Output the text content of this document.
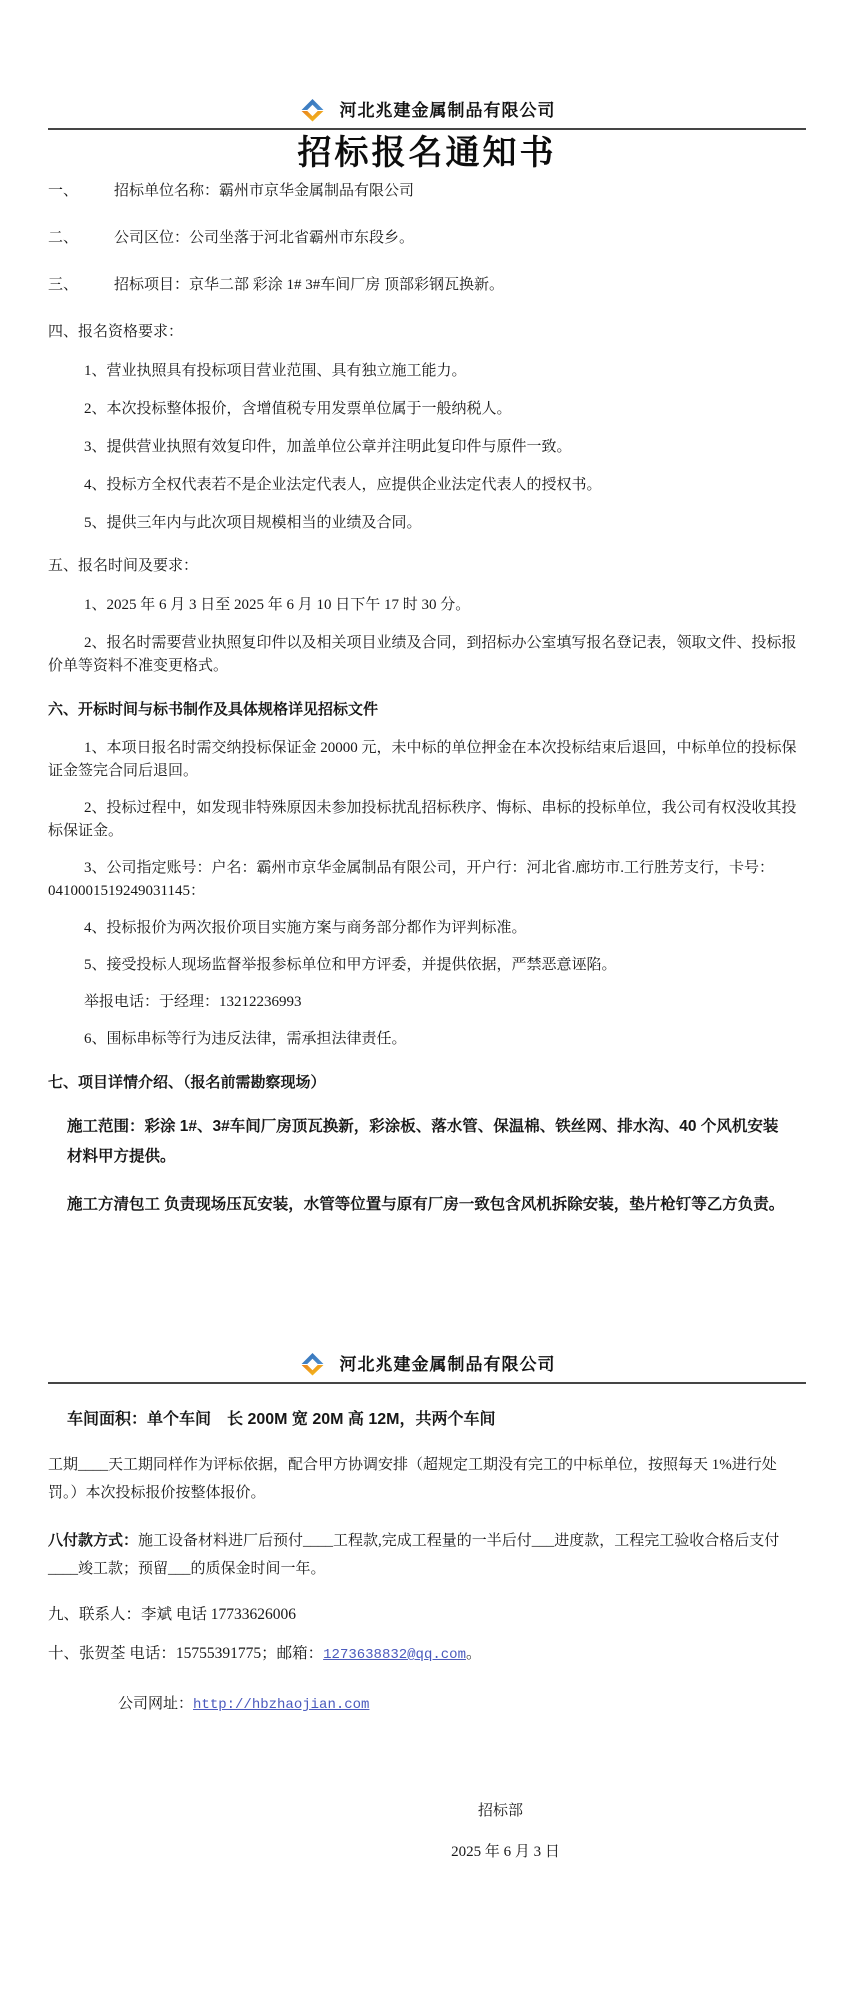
河北兆建金属制品有限公司
招标报名通知书

一、 招标单位名称：霸州市京华金属制品有限公司

二、 公司区位：公司坐落于河北省霸州市东段乡。

三、 招标项目：京华二部 彩涂 1# 3#车间厂房 顶部彩钢瓦换新。

四、报名资格要求：

1、营业执照具有投标项目营业范围、具有独立施工能力。

2、本次投标整体报价，含增值税专用发票单位属于一般纳税人。

3、提供营业执照有效复印件，加盖单位公章并注明此复印件与原件一致。

4、投标方全权代表若不是企业法定代表人，应提供企业法定代表人的授权书。

5、提供三年内与此次项目规模相当的业绩及合同。

五、报名时间及要求：

1、2025 年 6 月 3 日至 2025 年 6 月 10 日下午 17 时 30 分。

2、报名时需要营业执照复印件以及相关项目业绩及合同，到招标办公室填写报名登记表，领取文件、投标报价单等资料不准变更格式。

六、开标时间与标书制作及具体规格详见招标文件

1、本项日报名时需交纳投标保证金 20000 元，未中标的单位押金在本次投标结束后退回，中标单位的投标保证金签完合同后退回。

2、投标过程中，如发现非特殊原因未参加投标扰乱招标秩序、悔标、串标的投标单位，我公司有权没收其投标保证金。

3、公司指定账号：户名：霸州市京华金属制品有限公司，开户行：河北省.廊坊市.工行胜芳支行，卡号：0410001519249031145：

4、投标报价为两次报价项目实施方案与商务部分都作为评判标准。

5、接受投标人现场监督举报参标单位和甲方评委，并提供依据，严禁恶意诬陷。

举报电话：于经理：13212236993

6、围标串标等行为违反法律，需承担法律责任。

七、项目详情介绍、（报名前需勘察现场）

施工范围：彩涂 1#、3#车间厂房顶瓦换新，彩涂板、落水管、保温棉、铁丝网、排水沟、40 个风机安装　材料甲方提供。

施工方清包工 负责现场压瓦安装，水管等位置与原有厂房一致包含风机拆除安装，垫片枪钉等乙方负责。

河北兆建金属制品有限公司

车间面积：单个车间　长 200M 宽 20M 高 12M，共两个车间

工期____天工期同样作为评标依据，配合甲方协调安排（超规定工期没有完工的中标单位，按照每天 1%进行处罚。）本次投标报价按整体报价。

八付款方式：施工设备材料进厂后预付____工程款,完成工程量的一半后付___进度款，工程完工验收合格后支付____竣工款；预留___的质保金时间一年。

九、联系人：李斌 电话 17733626006

十、张贺荃 电话：15755391775；邮箱：1273638832@qq.com。

公司网址：http://hbzhaojian.com

招标部
2025 年 6 月 3 日
